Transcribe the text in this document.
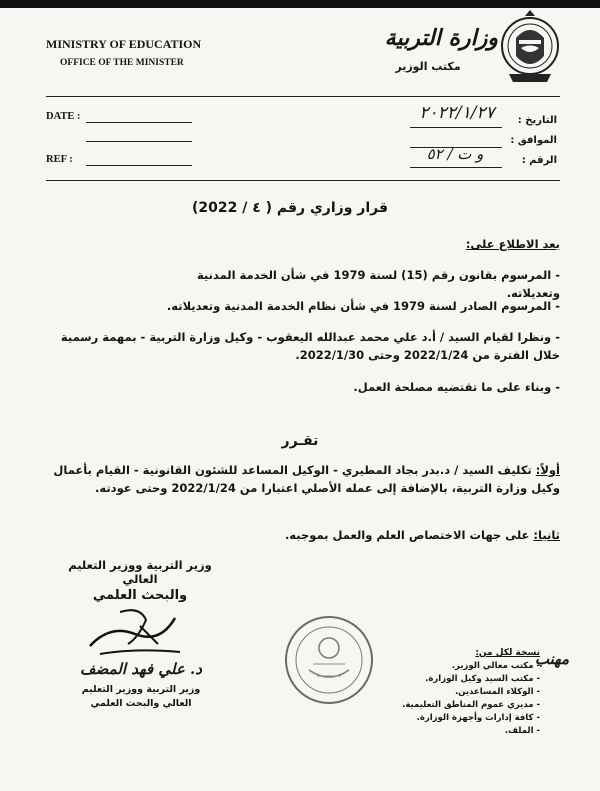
MINISTRY OF EDUCATION
OFFICE OF THE MINISTER
وزارة التربية
مكتب الوزير
DATE :
REF :
التاريخ :
الموافق :
الرقم :
٢٠٢٢/١/٢٧
و ت / ٥٢
قرار وزاري رقم ( ٤ / 2022)
بعد الاطلاع على:
- المرسوم بقانون رقم (15) لسنة 1979 في شأن الخدمة المدنية وتعديلاته.
- المرسوم الصادر لسنة 1979 في شأن نظام الخدمة المدنية وتعديلاته.
- ونظرا لقيام السيد / أ.د علي محمد عبدالله اليعقوب - وكيل وزارة التربية - بمهمة رسمية خلال الفترة من 2022/1/24 وحتى 2022/1/30.
- وبناء على ما تقتضيه مصلحة العمل.
تقـرر
أولاً: تكليف السيد / د.بدر بجاد المطيري - الوكيل المساعد للشئون القانونية - القيام بأعمال وكيل وزارة التربية، بالإضافة إلى عمله الأصلي اعتبارا من 2022/1/24 وحتى عودته.
ثانيا: على جهات الاختصاص العلم والعمل بموجبه.
وزير التربية ووزير التعليم العالي
والبحث العلمي
د. علي فهد المضف
وزير التربية ووزير التعليم
العالي والبحث العلمي
نسخة لكل من:
- مكتب معالي الوزير.
- مكتب السيد وكيل الوزارة.
- الوكلاء المساعدين.
- مديري عموم المناطق التعليمية.
- كافة إدارات وأجهزة الوزارة.
- الملف.
مهنب
